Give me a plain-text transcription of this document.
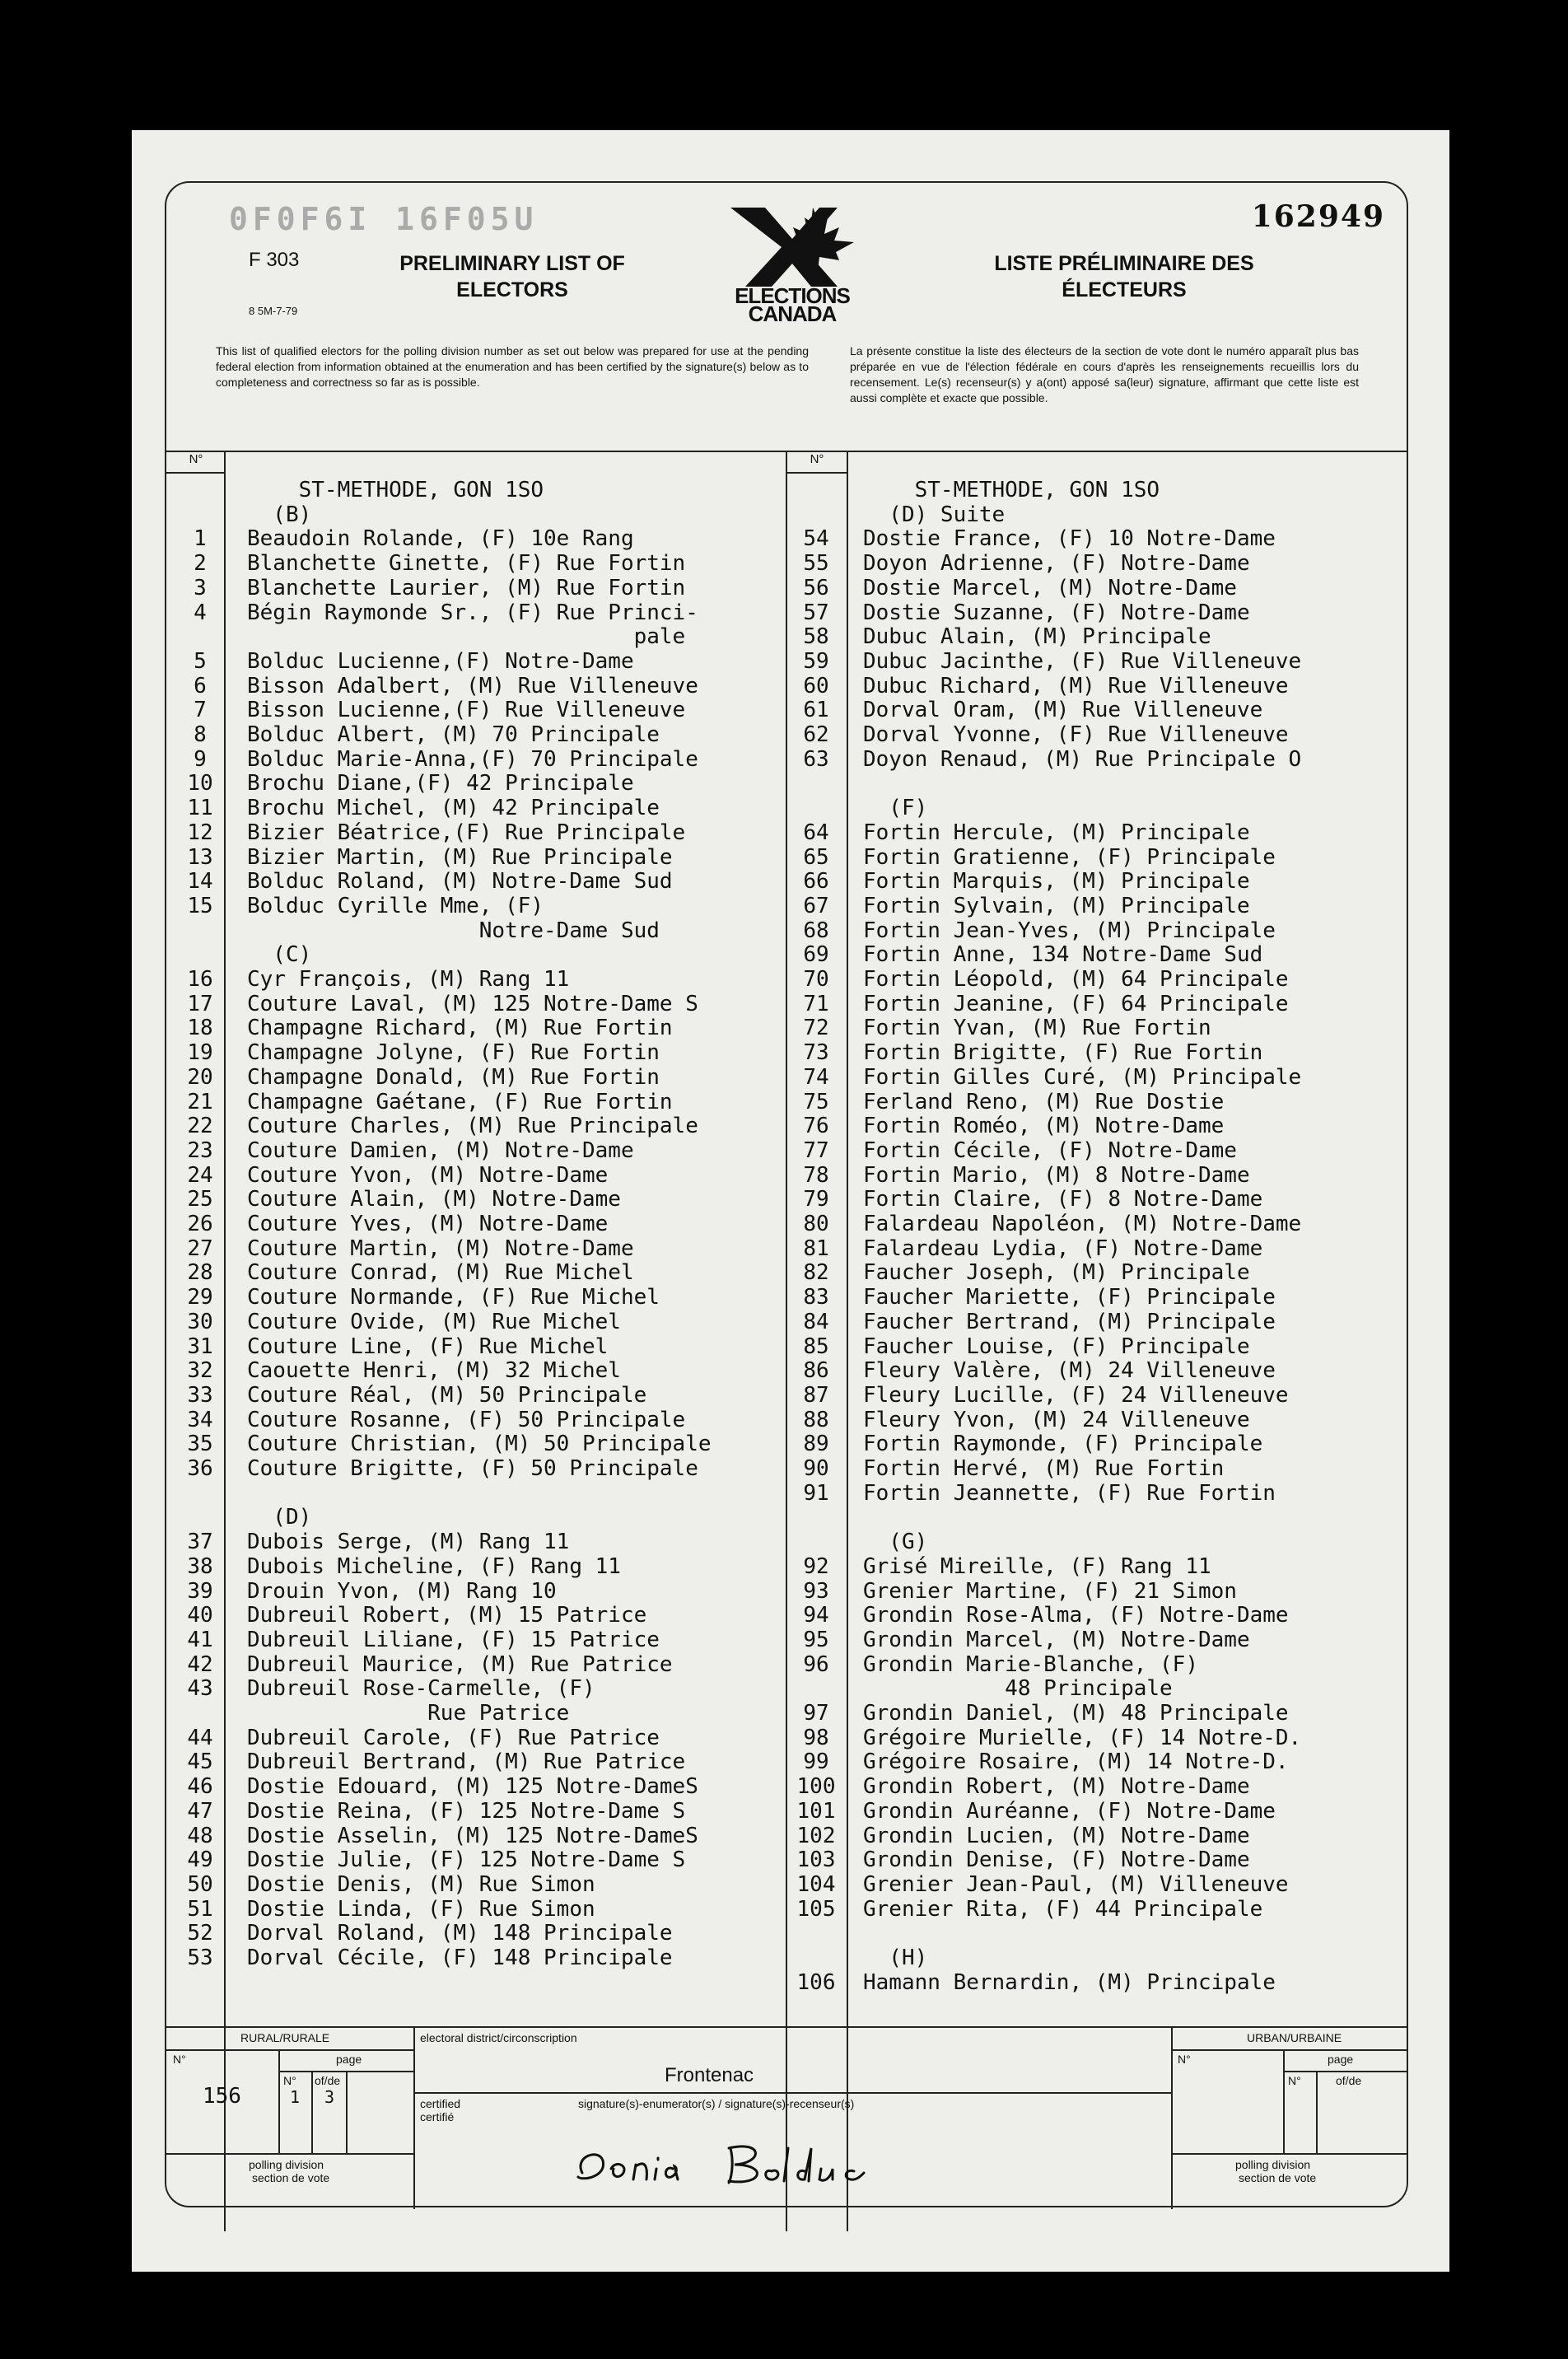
0F0F6I 16F05U
F 303
8 5M-7-79
PRELIMINARY LIST OF
ELECTORS	ELECTIONS
CANADA
LISTE PRÉLIMINAIRE DES
ÉLECTEURS
162949
This list of qualified electors for the polling division number as set out below was prepared for use at the pending federal election from information obtained at the enumeration and has been certified by the signature(s) below as to completeness and correctness so far as is possible.
La présente constitue la liste des électeurs de la section de vote dont le numéro apparaît plus bas préparée en vue de l'élection fédérale en cours d'après les renseignements recueillis lors du recensement. Le(s) recenseur(s) y a(ont) apposé sa(leur) signature, affirmant que cette liste est aussi complète et exacte que possible.
N°	N°
ST-METHODE, GON 1SO
(B)
1	Beaudoin Rolande, (F) 10e Rang
2	Blanchette Ginette, (F) Rue Fortin
3	Blanchette Laurier, (M) Rue Fortin
4	Bégin Raymonde Sr., (F) Rue Princi-
pale
5	Bolduc Lucienne,(F) Notre-Dame
6	Bisson Adalbert, (M) Rue Villeneuve
7	Bisson Lucienne,(F) Rue Villeneuve
8	Bolduc Albert, (M) 70 Principale
9	Bolduc Marie-Anna,(F) 70 Principale
10	Brochu Diane,(F) 42 Principale
11	Brochu Michel, (M) 42 Principale
12	Bizier Béatrice,(F) Rue Principale
13	Bizier Martin, (M) Rue Principale
14	Bolduc Roland, (M) Notre-Dame Sud
15	Bolduc Cyrille Mme, (F)
Notre-Dame Sud
(C)
16	Cyr François, (M) Rang 11
17	Couture Laval, (M) 125 Notre-Dame S
18	Champagne Richard, (M) Rue Fortin
19	Champagne Jolyne, (F) Rue Fortin
20	Champagne Donald, (M) Rue Fortin
21	Champagne Gaétane, (F) Rue Fortin
22	Couture Charles, (M) Rue Principale
23	Couture Damien, (M) Notre-Dame
24	Couture Yvon, (M) Notre-Dame
25	Couture Alain, (M) Notre-Dame
26	Couture Yves, (M) Notre-Dame
27	Couture Martin, (M) Notre-Dame
28	Couture Conrad, (M) Rue Michel
29	Couture Normande, (F) Rue Michel
30	Couture Ovide, (M) Rue Michel
31	Couture Line, (F) Rue Michel
32	Caouette Henri, (M) 32 Michel
33	Couture Réal, (M) 50 Principale
34	Couture Rosanne, (F) 50 Principale
35	Couture Christian, (M) 50 Principale
36	Couture Brigitte, (F) 50 Principale
(D)
37	Dubois Serge, (M) Rang 11
38	Dubois Micheline, (F) Rang 11
39	Drouin Yvon, (M) Rang 10
40	Dubreuil Robert, (M) 15 Patrice
41	Dubreuil Liliane, (F) 15 Patrice
42	Dubreuil Maurice, (M) Rue Patrice
43	Dubreuil Rose-Carmelle, (F)
Rue Patrice
44	Dubreuil Carole, (F) Rue Patrice
45	Dubreuil Bertrand, (M) Rue Patrice
46	Dostie Edouard, (M) 125 Notre-DameS
47	Dostie Reina, (F) 125 Notre-Dame S
48	Dostie Asselin, (M) 125 Notre-DameS
49	Dostie Julie, (F) 125 Notre-Dame S
50	Dostie Denis, (M) Rue Simon
51	Dostie Linda, (F) Rue Simon
52	Dorval Roland, (M) 148 Principale
53	Dorval Cécile, (F) 148 Principale
ST-METHODE, GON 1SO
(D) Suite
54	Dostie France, (F) 10 Notre-Dame
55	Doyon Adrienne, (F) Notre-Dame
56	Dostie Marcel, (M) Notre-Dame
57	Dostie Suzanne, (F) Notre-Dame
58	Dubuc Alain, (M) Principale
59	Dubuc Jacinthe, (F) Rue Villeneuve
60	Dubuc Richard, (M) Rue Villeneuve
61	Dorval Oram, (M) Rue Villeneuve
62	Dorval Yvonne, (F) Rue Villeneuve
63	Doyon Renaud, (M) Rue Principale O
(F)
64	Fortin Hercule, (M) Principale
65	Fortin Gratienne, (F) Principale
66	Fortin Marquis, (M) Principale
67	Fortin Sylvain, (M) Principale
68	Fortin Jean-Yves, (M) Principale
69	Fortin Anne, 134 Notre-Dame Sud
70	Fortin Léopold, (M) 64 Principale
71	Fortin Jeanine, (F) 64 Principale
72	Fortin Yvan, (M) Rue Fortin
73	Fortin Brigitte, (F) Rue Fortin
74	Fortin Gilles Curé, (M) Principale
75	Ferland Reno, (M) Rue Dostie
76	Fortin Roméo, (M) Notre-Dame
77	Fortin Cécile, (F) Notre-Dame
78	Fortin Mario, (M) 8 Notre-Dame
79	Fortin Claire, (F) 8 Notre-Dame
80	Falardeau Napoléon, (M) Notre-Dame
81	Falardeau Lydia, (F) Notre-Dame
82	Faucher Joseph, (M) Principale
83	Faucher Mariette, (F) Principale
84	Faucher Bertrand, (M) Principale
85	Faucher Louise, (F) Principale
86	Fleury Valère, (M) 24 Villeneuve
87	Fleury Lucille, (F) 24 Villeneuve
88	Fleury Yvon, (M) 24 Villeneuve
89	Fortin Raymonde, (F) Principale
90	Fortin Hervé, (M) Rue Fortin
91	Fortin Jeannette, (F) Rue Fortin
(G)
92	Grisé Mireille, (F) Rang 11
93	Grenier Martine, (F) 21 Simon
94	Grondin Rose-Alma, (F) Notre-Dame
95	Grondin Marcel, (M) Notre-Dame
96	Grondin Marie-Blanche, (F)
48 Principale
97	Grondin Daniel, (M) 48 Principale
98	Grégoire Murielle, (F) 14 Notre-D.
99	Grégoire Rosaire, (M) 14 Notre-D.
100 Grondin Robert, (M) Notre-Dame
101 Grondin Auréanne, (F) Notre-Dame
102 Grondin Lucien, (M) Notre-Dame
103 Grondin Denise, (F) Notre-Dame
104 Grenier Jean-Paul, (M) Villeneuve
105 Grenier Rita, (F) 44 Principale
(H)
106 Hamann Bernardin, (M) Principale
RURAL/RURALE
N°	page
156
N°
1
of/de
3
polling division
section de vote
electoral district/circonscription
Frontenac
certified
certifié
signature(s)-enumerator(s) / signature(s)-recenseur(s)
URBAN/URBAINE
N°	page
N°	of/de
polling division
section de vote
